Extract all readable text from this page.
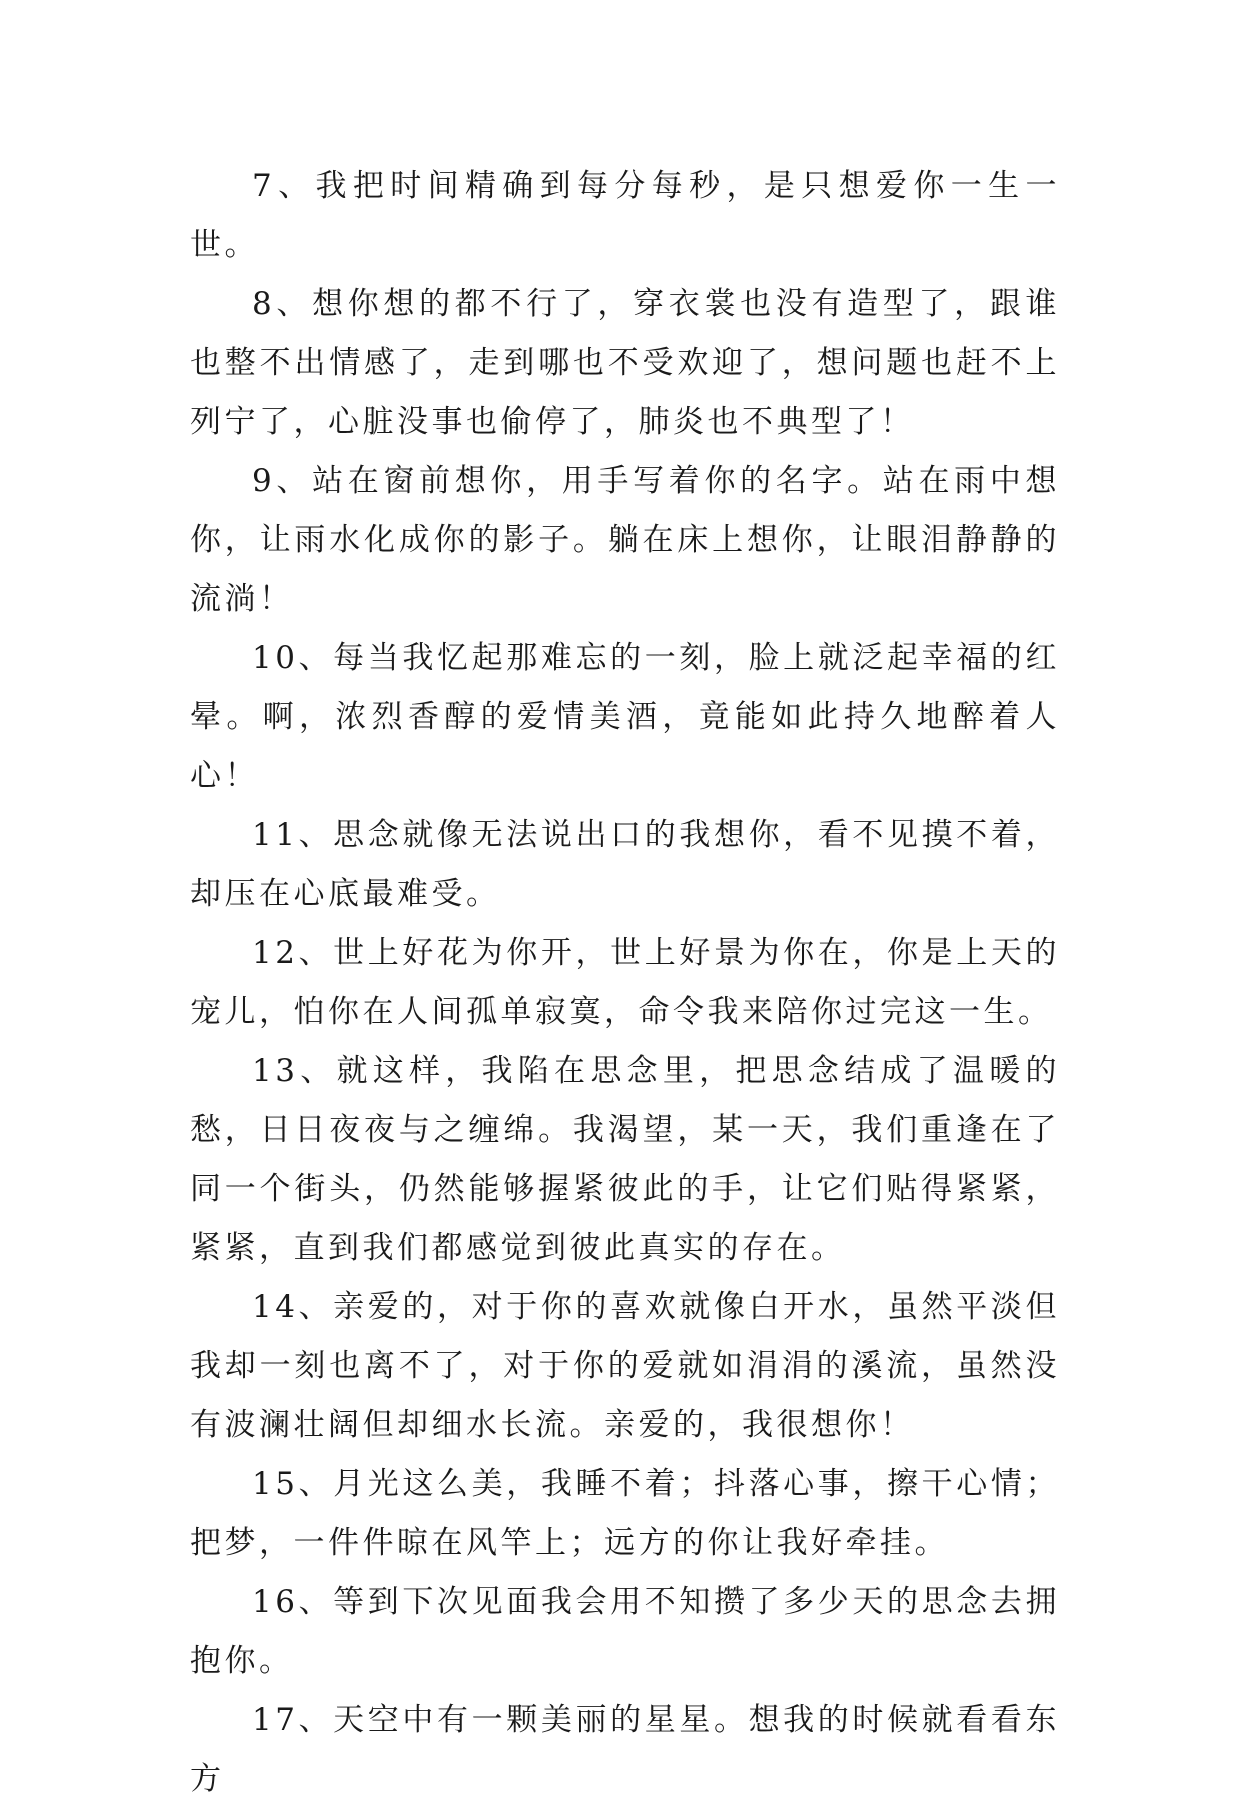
7、我把时间精确到每分每秒，是只想爱你一生一世。

8、想你想的都不行了，穿衣裳也没有造型了，跟谁也整不出情感了，走到哪也不受欢迎了，想问题也赶不上列宁了，心脏没事也偷停了，肺炎也不典型了！

9、站在窗前想你，用手写着你的名字。站在雨中想你，让雨水化成你的影子。躺在床上想你，让眼泪静静的流淌！

10、每当我忆起那难忘的一刻，脸上就泛起幸福的红晕。啊，浓烈香醇的爱情美酒，竟能如此持久地醉着人心！

11、思念就像无法说出口的我想你，看不见摸不着，却压在心底最难受。

12、世上好花为你开，世上好景为你在，你是上天的宠儿，怕你在人间孤单寂寞，命令我来陪你过完这一生。

13、就这样，我陷在思念里，把思念结成了温暖的愁，日日夜夜与之缠绵。我渴望，某一天，我们重逢在了同一个街头，仍然能够握紧彼此的手，让它们贴得紧紧，紧紧，直到我们都感觉到彼此真实的存在。

14、亲爱的，对于你的喜欢就像白开水，虽然平淡但我却一刻也离不了，对于你的爱就如涓涓的溪流，虽然没有波澜壮阔但却细水长流。亲爱的，我很想你！

15、月光这么美，我睡不着；抖落心事，擦干心情；把梦，一件件晾在风竿上；远方的你让我好牵挂。

16、等到下次见面我会用不知攒了多少天的思念去拥抱你。

17、天空中有一颗美丽的星星。想我的时候就看看东方
